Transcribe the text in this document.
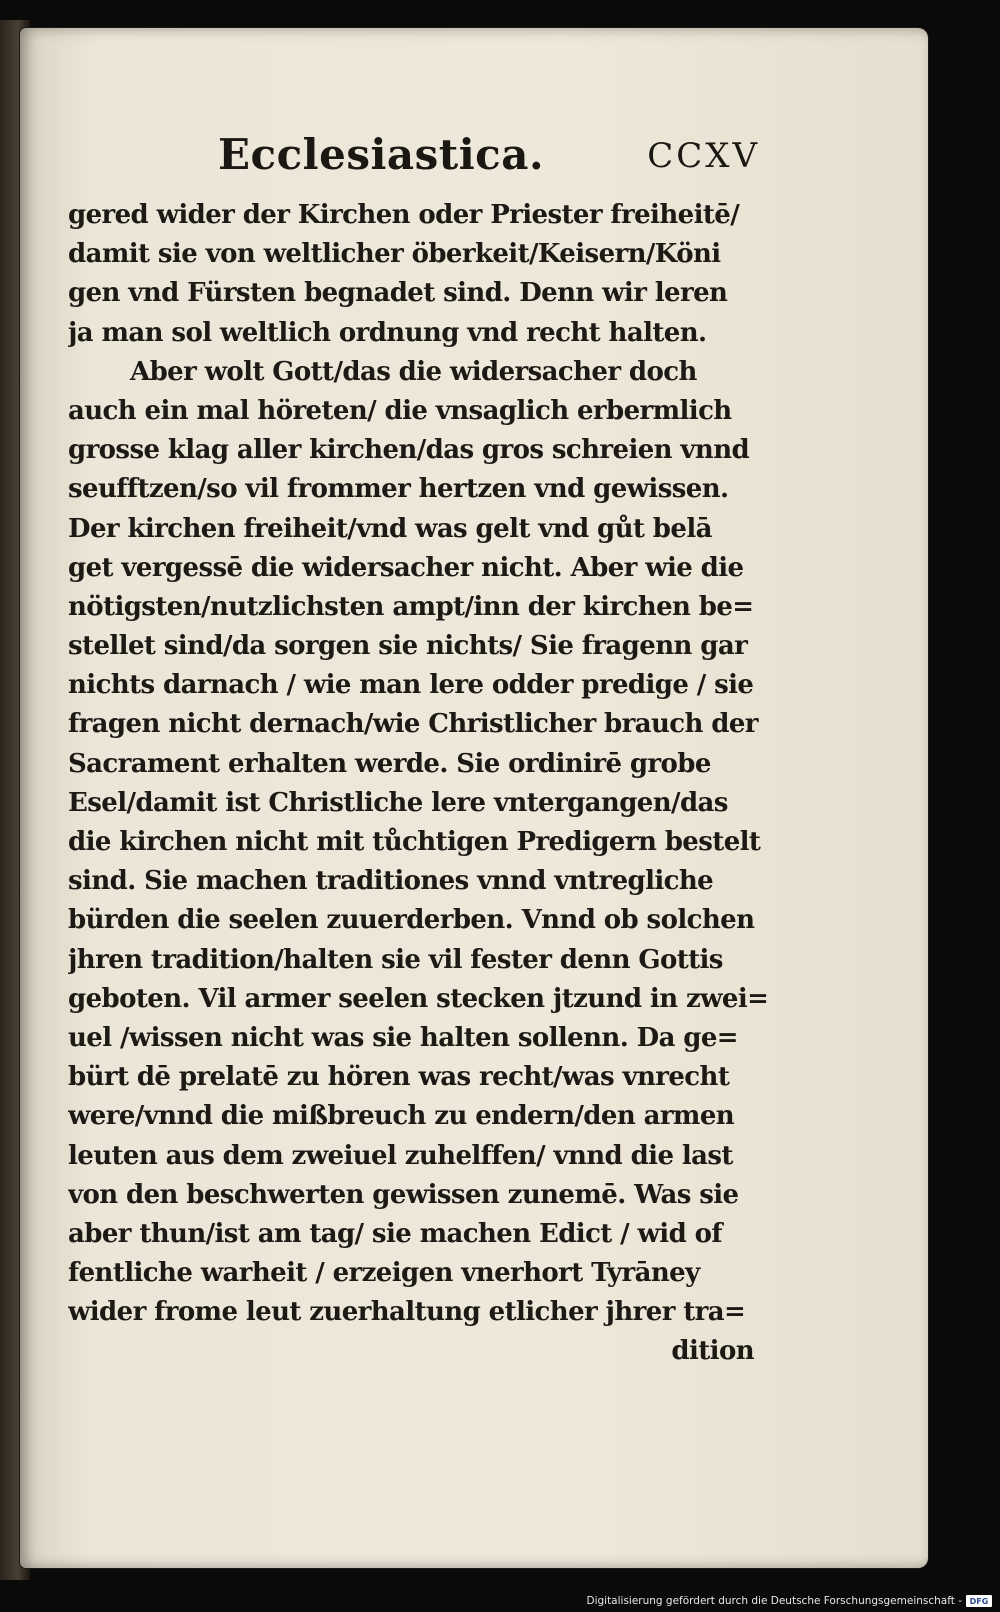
Ecclesiastica.	CCXV
gered wider der Kirchen oder Priester freiheitē/
damit sie von weltlicher öberkeit/Keisern/Köni
gen vnd Fürsten begnadet sind. Denn wir leren
ja man sol weltlich ordnung vnd recht halten.
Aber wolt Gott/das die widersacher doch
auch ein mal höreten/ die vnsaglich erbermlich
grosse klag aller kirchen/das gros schreien vnnd
seufftzen/so vil frommer hertzen vnd gewissen.
Der kirchen freiheit/vnd was gelt vnd gůt belā
get vergessē die widersacher nicht. Aber wie die
nötigsten/nutzlichsten ampt/inn der kirchen be=
stellet sind/da sorgen sie nichts/ Sie fragenn gar
nichts darnach / wie man lere odder predige / sie
fragen nicht dernach/wie Christlicher brauch der
Sacrament erhalten werde. Sie ordinirē grobe
Esel/damit ist Christliche lere vntergangen/das
die kirchen nicht mit tůchtigen Predigern bestelt
sind. Sie machen traditiones vnnd vntregliche
bürden die seelen zuuerderben. Vnnd ob solchen
jhren tradition/halten sie vil fester denn Gottis
geboten. Vil armer seelen stecken jtzund in zwei=
uel /wissen nicht was sie halten sollenn. Da ge=
bürt dē prelatē zu hören was recht/was vnrecht
were/vnnd die mißbreuch zu endern/den armen
leuten aus dem zweiuel zuhelffen/ vnnd die last
von den beschwerten gewissen zunemē. Was sie
aber thun/ist am tag/ sie machen Edict / wid of
fentliche warheit / erzeigen vnerhort Tyrāney
wider frome leut zuerhaltung etlicher jhrer tra=
dition
Digitalisierung gefördert durch die Deutsche Forschungsgemeinschaft - DFG
